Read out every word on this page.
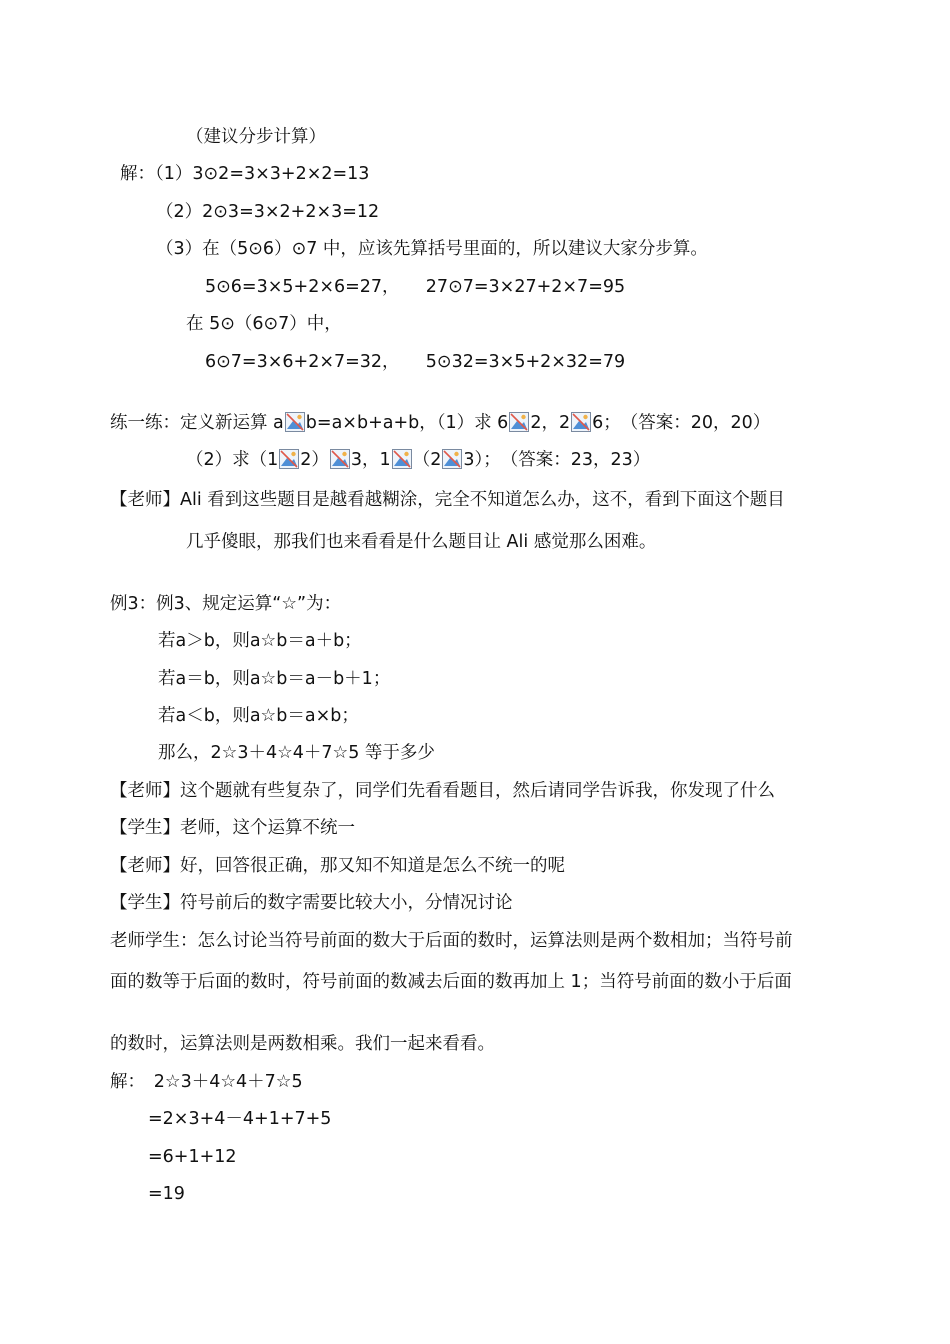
（建议分步计算）
解：（1）3⊙2=3×3+2×2=13
（2）2⊙3=3×2+2×3=12
（3）在（5⊙6）⊙7 中，应该先算括号里面的，所以建议大家分步算。
5⊙6=3×5+2×6=27，　　27⊙7=3×27+2×7=95
在 5⊙（6⊙7）中，
6⊙7=3×6+2×7=32，　　5⊙32=3×5+2×32=79
练一练：定义新运算 a b=a×b+a+b，（1）求 6 2，2 6；　（答案：20，20）
（2）求（1 2） 3，1 （2 3）；　（答案：23，23）
【老师】Ali 看到这些题目是越看越糊涂，完全不知道怎么办，这不，看到下面这个题目
几乎傻眼，那我们也来看看是什么题目让 Ali 感觉那么困难。
例3：例3、规定运算“☆”为：
若a＞b，则a☆b＝a＋b；
若a＝b，则a☆b＝a－b＋1；
若a＜b，则a☆b＝a×b；
那么，2☆3＋4☆4＋7☆5 等于多少
【老师】这个题就有些复杂了，同学们先看看题目，然后请同学告诉我，你发现了什么
【学生】老师，这个运算不统一
【老师】好，回答很正确，那又知不知道是怎么不统一的呢
【学生】符号前后的数字需要比较大小，分情况讨论
老师学生：怎么讨论当符号前面的数大于后面的数时，运算法则是两个数相加；当符号前
面的数等于后面的数时，符号前面的数减去后面的数再加上 1；当符号前面的数小于后面
的数时，运算法则是两数相乘。我们一起来看看。
解：　2☆3＋4☆4＋7☆5
=2×3+4－4+1+7+5
=6+1+12
=19
